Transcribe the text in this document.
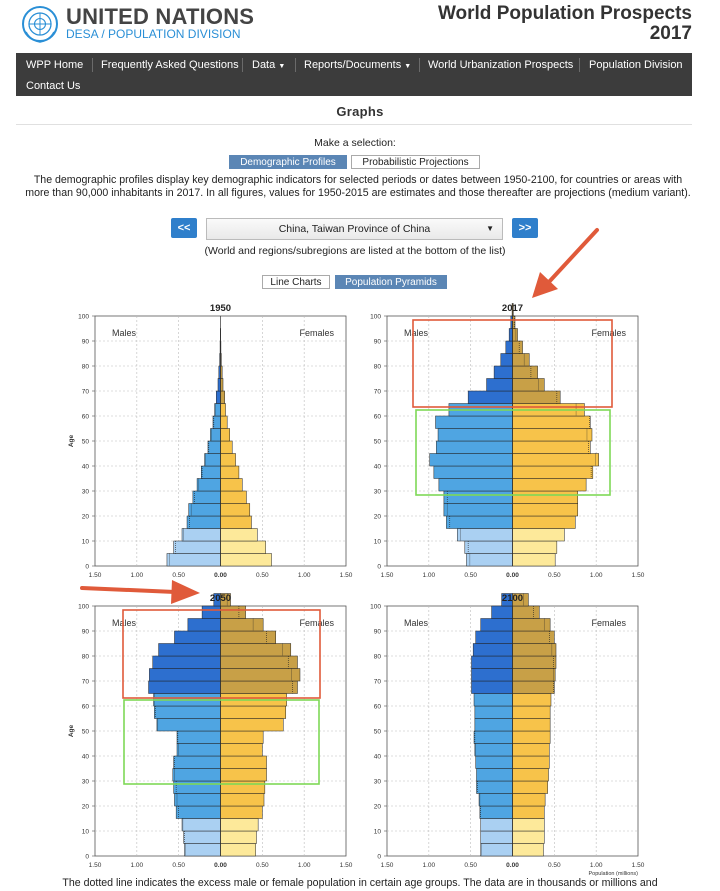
UNITED NATIONS
DESA / POPULATION DIVISION
World Population Prospects
2017
WPP Home Frequently Asked Questions Data ▼ Reports/Documents ▼ World Urbanization Prospects Population Division
Contact Us
Graphs
Make a selection:
Demographic Profiles	Probabilistic Projections
The demographic profiles display key demographic indicators for selected periods or dates between 1950-2100, for countries or areas with more than 90,000 inhabitants in 2017. In all figures, values for 1950-2015 are estimates and those thereafter are projections (medium variant).
<<	China, Taiwan Province of China	▼	>>
(World and regions/subregions are listed at the bottom of the list)
Line Charts	Population Pyramids
0
10
20
30
40
50
60
70
80
90
100
1.50	1.00	0.50	0.00	0.50	1.00	1.50
1950
Males	Females
Age
0
10
20
30
40
50
60
70
80
90
100
1.50	1.00	0.50	0.00	0.50	1.00	1.50
2017
Males	Females
0
10
20
30
40
50
60
70
80
90
100
1.50	1.00	0.50	0.00	0.50	1.00	1.50
2050
Males	Females
Age
0
10
20
30
40
50
60
70
80
90
100
1.50	1.00	0.50	0.00	0.50	1.00	1.50
2100
Males	Females
Population (millions)
The dotted line indicates the excess male or female population in certain age groups. The data are in thousands or millions and
